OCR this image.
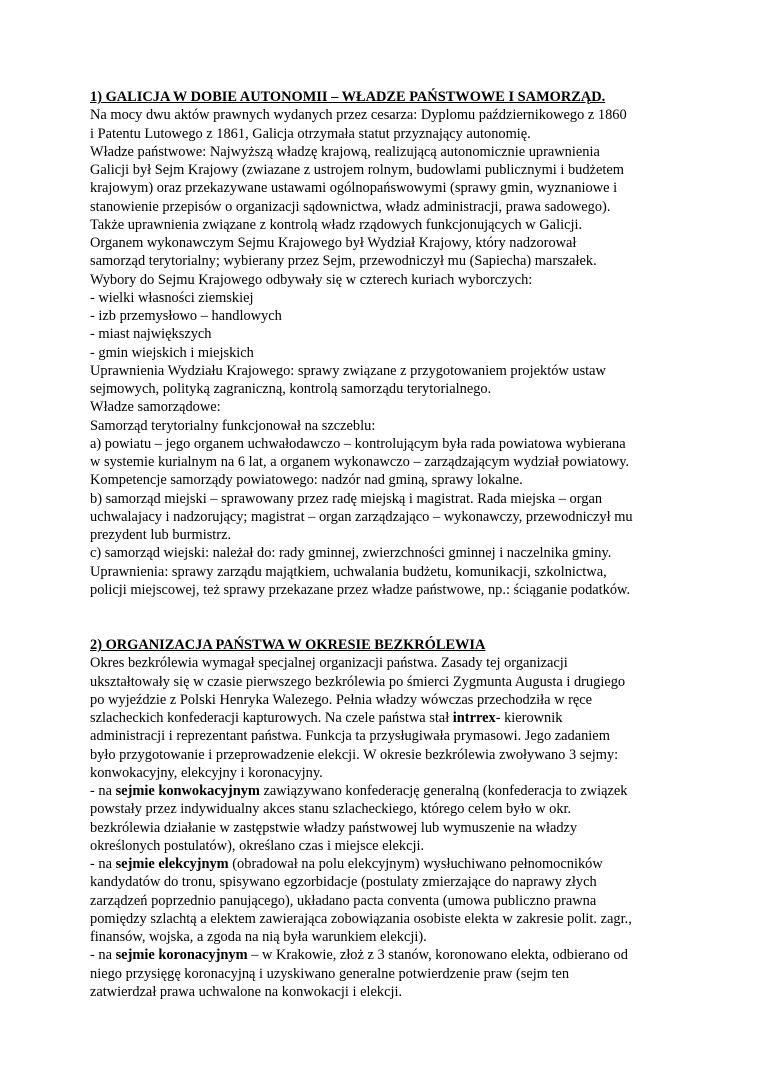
1) GALICJA W DOBIE AUTONOMII – WŁADZE PAŃSTWOWE I SAMORZĄD.
Na mocy dwu aktów prawnych wydanych przez cesarza: Dyplomu październikowego z 1860
i Patentu Lutowego z 1861, Galicja otrzymała statut przyznający autonomię.
Władze państwowe: Najwyższą władzę krajową, realizującą autonomicznie uprawnienia
Galicji był Sejm Krajowy (zwiazane z ustrojem rolnym, budowlami publicznymi i budżetem
krajowym) oraz przekazywane ustawami ogólnopańswowymi (sprawy gmin, wyznaniowe i
stanowienie przepisów o organizacji sądownictwa, władz administracji, prawa sadowego).
Także uprawnienia związane z kontrolą władz rządowych funkcjonujących w Galicji.
Organem wykonawczym Sejmu Krajowego był Wydział Krajowy, który nadzorował
samorząd terytorialny; wybierany przez Sejm, przewodniczył mu (Sapiecha) marszałek.
Wybory do Sejmu Krajowego odbywały się w czterech kuriach wyborczych:
- wielki własności ziemskiej
- izb przemysłowo – handlowych
- miast największych
- gmin wiejskich i miejskich
Uprawnienia Wydziału Krajowego: sprawy związane z przygotowaniem projektów ustaw
sejmowych, polityką zagraniczną, kontrolą samorządu terytorialnego.
Władze samorządowe:
Samorząd terytorialny funkcjonował na szczeblu:
a) powiatu – jego organem uchwałodawczo – kontrolującym była rada powiatowa wybierana
w systemie kurialnym na 6 lat, a organem wykonawczo – zarządzającym wydział powiatowy.
Kompetencje samorządy powiatowego: nadzór nad gminą, sprawy lokalne.
b) samorząd miejski – sprawowany przez radę miejską i magistrat. Rada miejska – organ
uchwalajacy i nadzorujący; magistrat – organ zarządzająco – wykonawczy, przewodniczył mu
prezydent lub burmistrz.
c) samorząd wiejski: należał do: rady gminnej, zwierzchności gminnej i naczelnika gminy.
Uprawnienia: sprawy zarządu majątkiem, uchwalania budżetu, komunikacji, szkolnictwa,
policji miejscowej, też sprawy przekazane przez władze państwowe, np.: ściąganie podatków.
2) ORGANIZACJA PAŃSTWA W OKRESIE BEZKRÓLEWIA
Okres bezkrólewia wymagał specjalnej organizacji państwa. Zasady tej organizacji
ukształtowały się w czasie pierwszego bezkrólewia po śmierci Zygmunta Augusta i drugiego
po wyjeździe z Polski Henryka Walezego. Pełnia władzy wówczas przechodziła w ręce
szlacheckich konfederacji kapturowych. Na czele państwa stał intrrex- kierownik
administracji i reprezentant państwa. Funkcja ta przysługiwała prymasowi. Jego zadaniem
było przygotowanie i przeprowadzenie elekcji. W okresie bezkrólewia zwoływano 3 sejmy:
konwokacyjny, elekcyjny i koronacyjny.
- na sejmie konwokacyjnym zawiązywano konfederację generalną (konfederacja to związek
powstały przez indywidualny akces stanu szlacheckiego, którego celem było w okr.
bezkrólewia działanie w zastępstwie władzy państwowej lub wymuszenie na władzy
określonych postulatów), określano czas i miejsce elekcji.
- na sejmie elekcyjnym (obradował na polu elekcyjnym) wysłuchiwano pełnomocników
kandydatów do tronu, spisywano egzorbidacje (postulaty zmierzające do naprawy złych
zarządzeń poprzednio panującego), układano pacta conventa (umowa publiczno prawna
pomiędzy szlachtą a elektem zawierająca zobowiązania osobiste elekta w zakresie polit. zagr.,
finansów, wojska, a zgoda na nią była warunkiem elekcji).
- na sejmie koronacyjnym – w Krakowie, złoż z 3 stanów, koronowano elekta, odbierano od
niego przysięgę koronacyjną i uzyskiwano generalne potwierdzenie praw (sejm ten
zatwierdzał prawa uchwalone na konwokacji i elekcji.
